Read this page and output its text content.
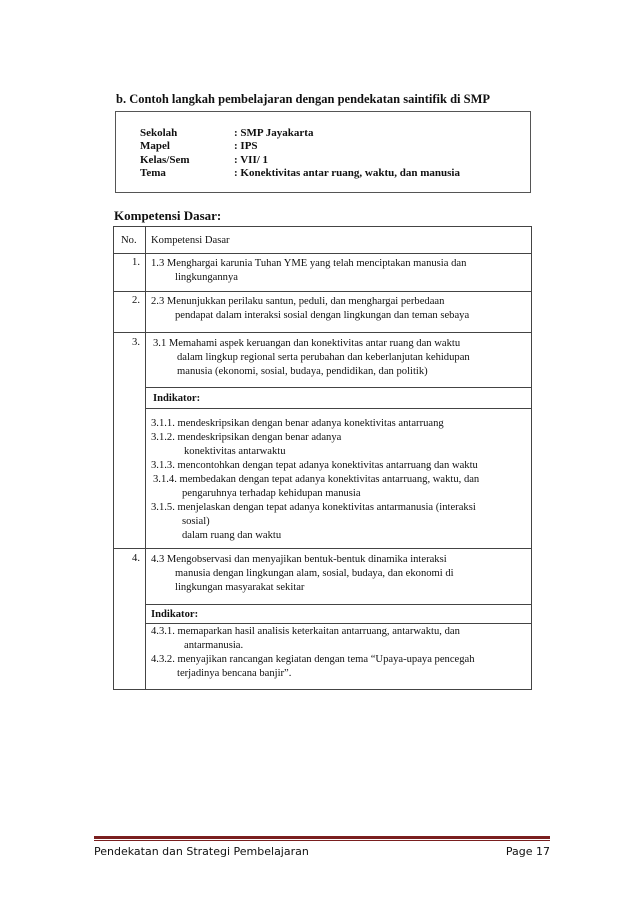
b. Contoh langkah pembelajaran dengan pendekatan saintifik di SMP
Sekolah	: SMP Jayakarta
Mapel	: IPS
Kelas/Sem	: VII/ 1
Tema	: Konektivitas antar ruang, waktu, dan manusia
Kompetensi Dasar:
No. Kompetensi Dasar
1. 1.3 Menghargai karunia Tuhan YME yang telah menciptakan manusia dan
lingkungannya
2. 2.3 Menunjukkan perilaku santun, peduli, dan menghargai perbedaan
pendapat dalam interaksi sosial dengan lingkungan dan teman sebaya
3. 3.1 Memahami aspek keruangan dan konektivitas antar ruang dan waktu
dalam lingkup regional serta perubahan dan keberlanjutan kehidupan
manusia (ekonomi, sosial, budaya, pendidikan, dan politik)
Indikator:
3.1.1. mendeskripsikan dengan benar adanya konektivitas antarruang
3.1.2. mendeskripsikan dengan benar adanya
konektivitas antarwaktu
3.1.3. mencontohkan dengan tepat adanya konektivitas antarruang dan waktu
3.1.4. membedakan dengan tepat adanya konektivitas antarruang, waktu, dan
pengaruhnya terhadap kehidupan manusia
3.1.5. menjelaskan dengan tepat adanya konektivitas antarmanusia (interaksi
sosial)
dalam ruang dan waktu
4. 4.3 Mengobservasi dan menyajikan bentuk-bentuk dinamika interaksi
manusia dengan lingkungan alam, sosial, budaya, dan ekonomi di
lingkungan masyarakat sekitar
Indikator:
4.3.1. memaparkan hasil analisis keterkaitan antarruang, antarwaktu, dan
antarmanusia.
4.3.2. menyajikan rancangan kegiatan dengan tema “Upaya-upaya pencegah
terjadinya bencana banjir”.
Pendekatan dan Strategi Pembelajaran	Page 17
